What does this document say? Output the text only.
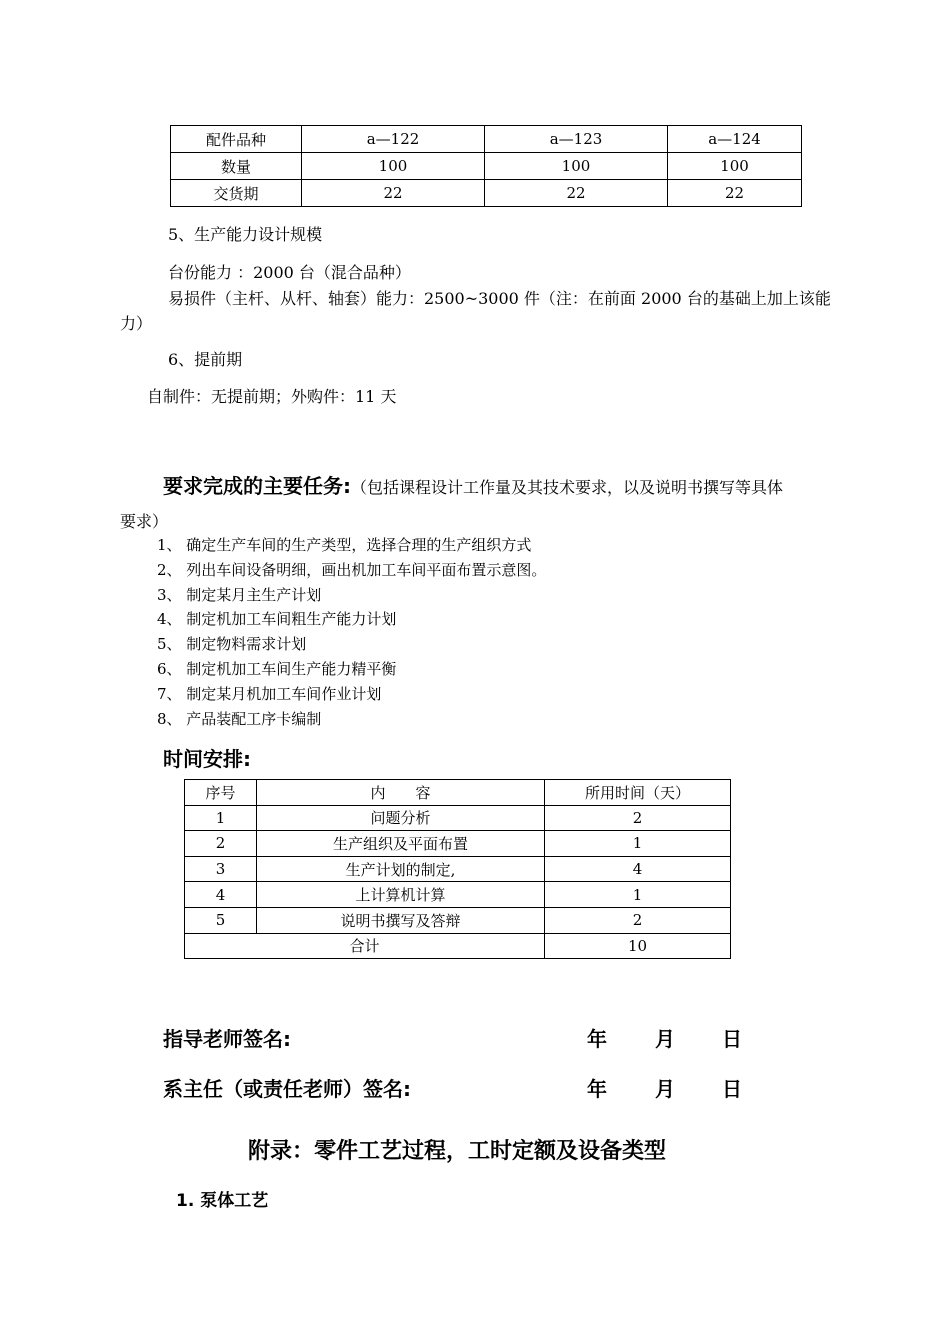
配件品种	a—122	a—123	a—124
数量	100	100	100
交货期	22	22	22
5、生产能力设计规模
台份能力 ：2000 台（混合品种）
易损件（主杆、从杆、轴套）能力：2500~3000 件（注：在前面 2000 台的基础上加上该能
力）
6、提前期
自制件：无提前期；外购件：11 天
要求完成的主要任务:（包括课程设计工作量及其技术要求，以及说明书撰写等具体
要求）
1、 确定生产车间的生产类型，选择合理的生产组织方式
2、 列出车间设备明细，画出机加工车间平面布置示意图。
3、 制定某月主生产计划
4、 制定机加工车间粗生产能力计划
5、 制定物料需求计划
6、 制定机加工车间生产能力精平衡
7、 制定某月机加工车间作业计划
8、 产品装配工序卡编制
时间安排:
序号	内　　容	所用时间（天）
1	问题分析	2
2	生产组织及平面布置	1
3	生产计划的制定,	4
4	上计算机计算	1
5	说明书撰写及答辩	2
合计		10
指导老师签名:	年 月 日
系主任（或责任老师）签名:	年 月 日
附录：零件工艺过程，工时定额及设备类型
1. 泵体工艺
